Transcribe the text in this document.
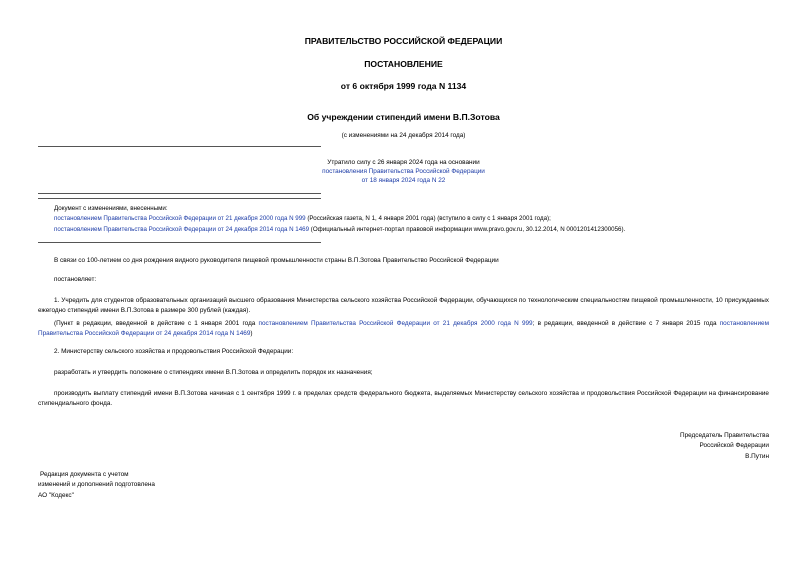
ПРАВИТЕЛЬСТВО РОССИЙСКОЙ ФЕДЕРАЦИИ
ПОСТАНОВЛЕНИЕ
от 6 октября 1999 года N 1134
Об учреждении стипендий имени В.П.Зотова
(с изменениями на 24 декабря 2014 года)
Утратило силу с 26 января 2024 года на основании
постановления Правительства Российской Федерации
от 18 января 2024 года N 22
Документ с изменениями, внесенными:
постановлением Правительства Российской Федерации от 21 декабря 2000 года N 999 (Российская газета, N 1, 4 января 2001 года) (вступило в силу с 1 января 2001 года);
постановлением Правительства Российской Федерации от 24 декабря 2014 года N 1469 (Официальный интернет-портал правовой информации www.pravo.gov.ru, 30.12.2014, N 0001201412300056).
В связи со 100-летием со дня рождения видного руководителя пищевой промышленности страны В.П.Зотова Правительство Российской Федерации
постановляет:
1. Учредить для студентов образовательных организаций высшего образования Министерства сельского хозяйства Российской Федерации, обучающихся по технологическим специальностям пищевой промышленности, 10 присуждаемых ежегодно стипендий имени В.П.Зотова в размере 300 рублей (каждая).
(Пункт в редакции, введенной в действие с 1 января 2001 года постановлением Правительства Российской Федерации от 21 декабря 2000 года N 999; в редакции, введенной в действие с 7 января 2015 года постановлением Правительства Российской Федерации от 24 декабря 2014 года N 1469)
2. Министерству сельского хозяйства и продовольствия Российской Федерации:
разработать и утвердить положение о стипендиях имени В.П.Зотова и определить порядок их назначения;
производить выплату стипендий имени В.П.Зотова начиная с 1 сентября 1999 г. в пределах средств федерального бюджета, выделяемых Министерству сельского хозяйства и продовольствия Российской Федерации на финансирование стипендиального фонда.
Председатель Правительства
Российской Федерации
В.Путин
Редакция документа с учетом
изменений и дополнений подготовлена
АО "Кодекс"
